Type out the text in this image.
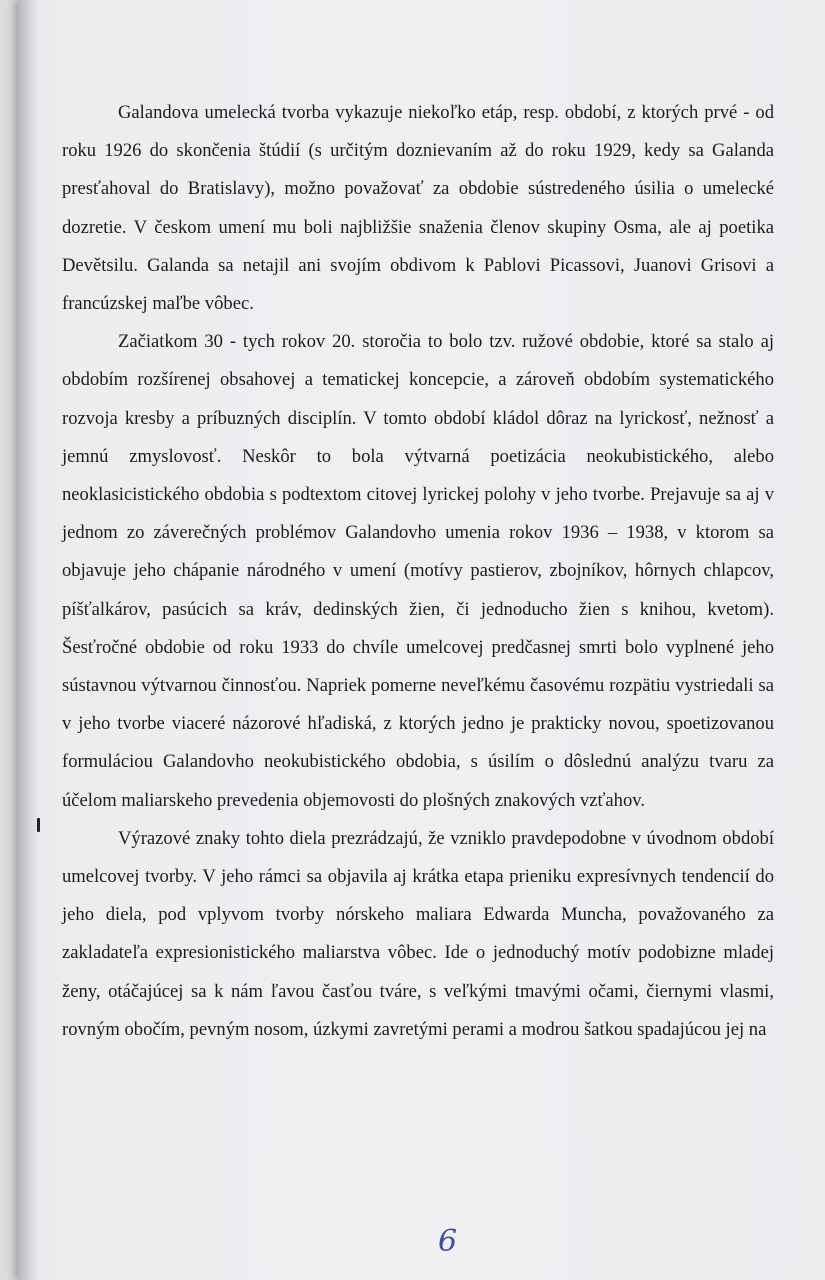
Galandova umelecká tvorba vykazuje niekoľko etáp, resp. období, z ktorých prvé - od roku 1926 do skončenia štúdií (s určitým doznievaním až do roku 1929, kedy sa Galanda presťahoval do Bratislavy), možno považovať za obdobie sústredeného úsilia o umelecké dozretie. V českom umení mu boli najbližšie snaženia členov skupiny Osma, ale aj poetika Devětsilu. Galanda sa netajil ani svojím obdivom k Pablovi Picassovi, Juanovi Grisovi a francúzskej maľbe vôbec.

Začiatkom 30 - tych rokov 20. storočia to bolo tzv. ružové obdobie, ktoré sa stalo aj obdobím rozšírenej obsahovej a tematickej koncepcie, a zároveň obdobím systematického rozvoja kresby a príbuzných disciplín. V tomto období kládol dôraz na lyrickosť, nežnosť a jemnú zmyslovosť. Neskôr to bola výtvarná poetizácia neokubistického, alebo neoklasicistického obdobia s podtextom citovej lyrickej polohy v jeho tvorbe. Prejavuje sa aj v jednom zo záverečných problémov Galandovho umenia rokov 1936 – 1938, v ktorom sa objavuje jeho chápanie národného v umení (motívy pastierov, zbojníkov, hôrnych chlapcov, píšťalkárov, pasúcich sa kráv, dedinských žien, či jednoducho žien s knihou, kvetom). Šesťročné obdobie od roku 1933 do chvíle umelcovej predčasnej smrti bolo vyplnené jeho sústavnou výtvarnou činnosťou. Napriek pomerne neveľkému časovému rozpätiu vystriedali sa v jeho tvorbe viaceré názorové hľadiská, z ktorých jedno je prakticky novou, spoetizovanou formuláciou Galandovho neokubistického obdobia, s úsilím o dôslednú analýzu tvaru za účelom maliarskeho prevedenia objemovosti do plošných znakových vzťahov.

Výrazové znaky tohto diela prezrádzajú, že vzniklo pravdepodobne v úvodnom období umelcovej tvorby. V jeho rámci sa objavila aj krátka etapa prieniku expresívnych tendencií do jeho diela, pod vplyvom tvorby nórskeho maliara Edwarda Muncha, považovaného za zakladateľa expresionistického maliarstva vôbec. Ide o jednoduchý motív podobizne mladej ženy, otáčajúcej sa k nám ľavou časťou tváre, s veľkými tmavými očami, čiernymi vlasmi, rovným obočím, pevným nosom, úzkymi zavretými perami a modrou šatkou spadajúcou jej na

6
